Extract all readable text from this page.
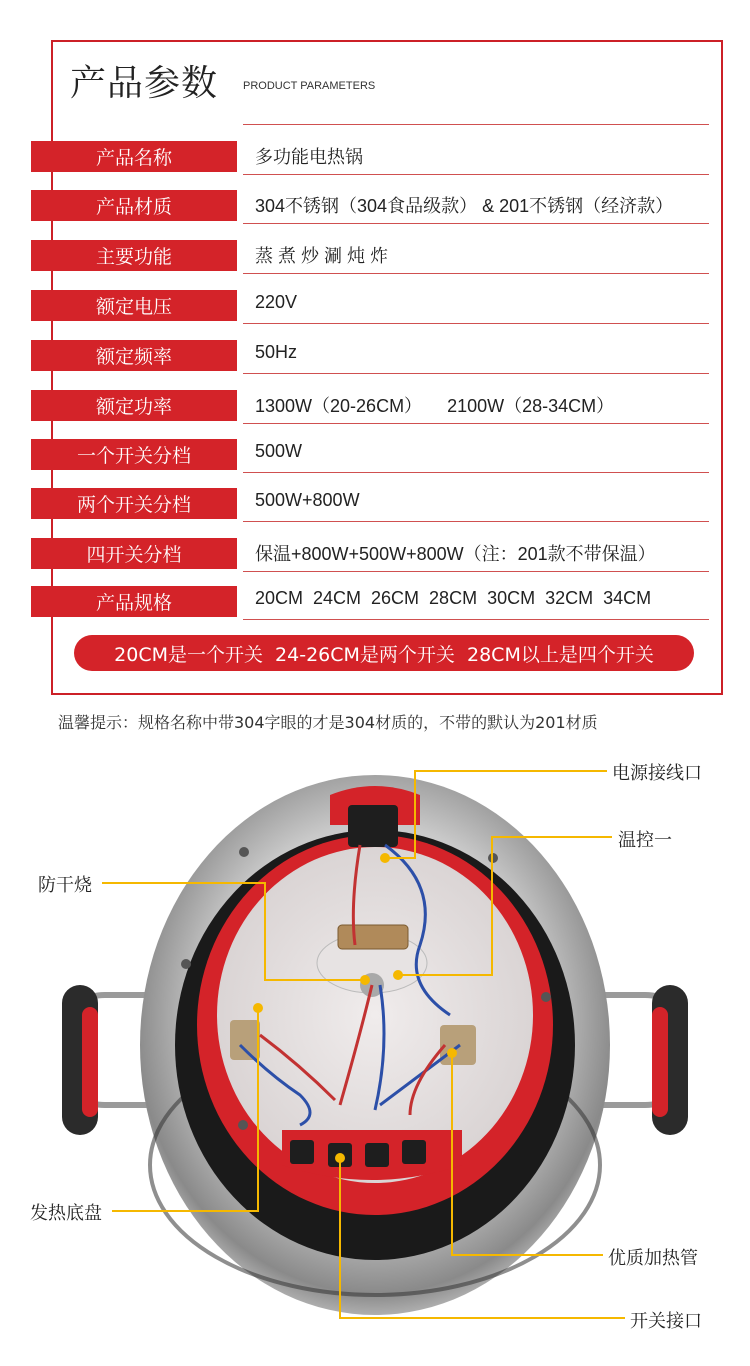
产品参数 PRODUCT PARAMETERS
产品名称	多功能电热锅
产品材质	304不锈钢（304食品级款） & 201不锈钢（经济款）
主要功能	蒸 煮 炒 涮 炖 炸
额定电压	220V
额定频率	50Hz
额定功率	1300W（20-26CM）     2100W（28-34CM）
一个开关分档	500W
两个开关分档	500W+800W
四开关分档	保温+800W+500W+800W（注：201款不带保温）
产品规格	20CM  24CM  26CM  28CM  30CM  32CM  34CM
20CM是一个开关  24-26CM是两个开关  28CM以上是四个开关
温馨提示：规格名称中带304字眼的才是304材质的，不带的默认为201材质
电源接线口
温控一
防干烧
发热底盘
优质加热管
开关接口
